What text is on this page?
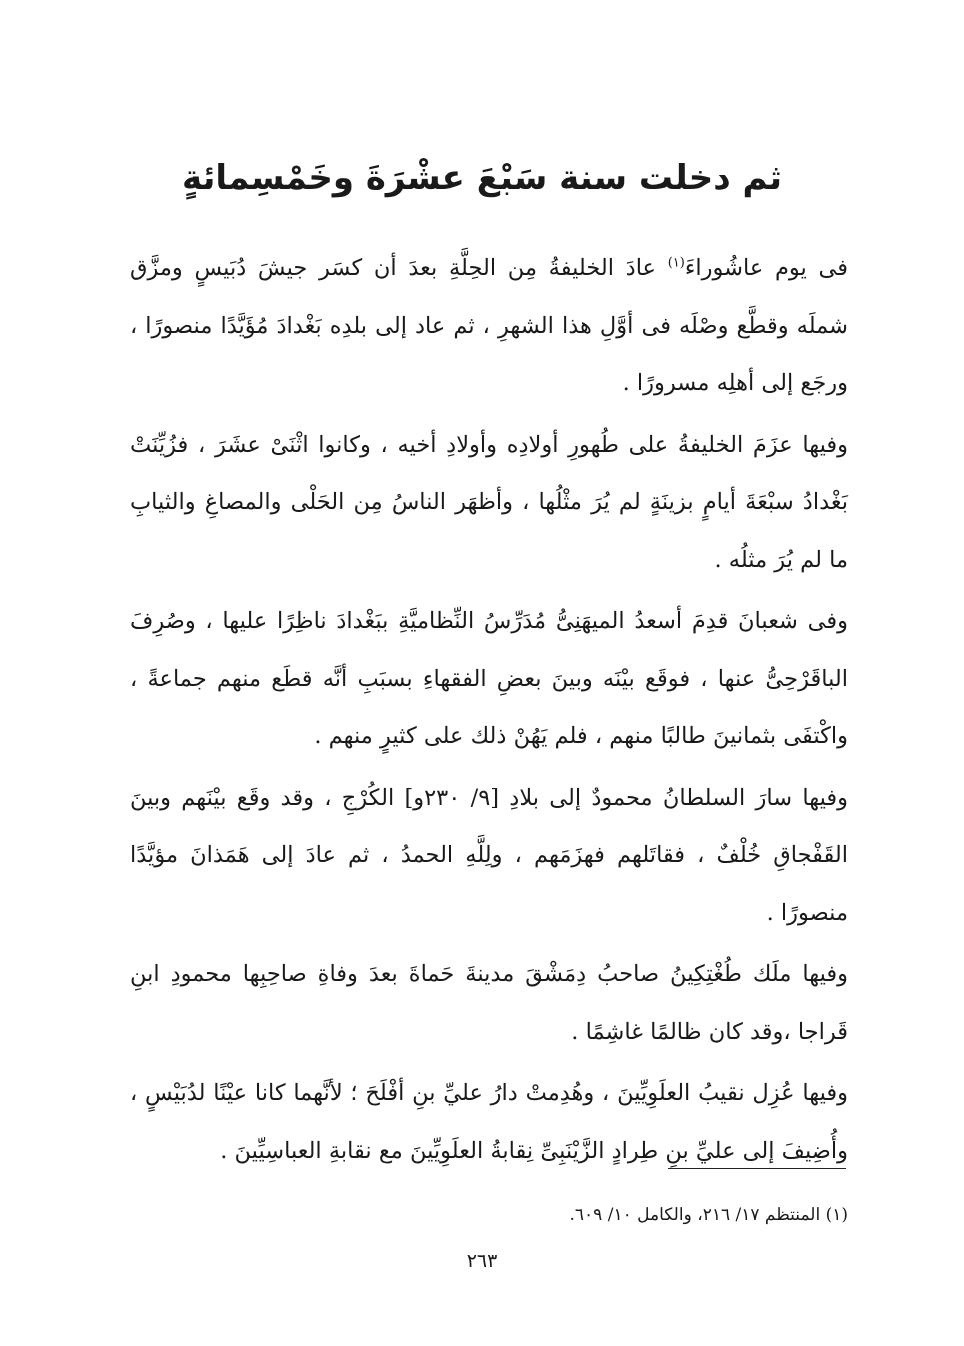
ثم دخلت سنة سَبْعَ عشْرَةَ وخَمْسِمائةٍ

فى يوم عاشُوراءَ$^{(١)}$ عادَ الخليفةُ مِن الحِلَّةِ بعدَ أن كسَر جيشَ دُبَيسٍ ومزَّق شملَه وقطَّع وصْلَه فى أوَّلِ هذا الشهرِ ، ثم عاد إلى بلدِه بَغْدادَ مُؤَيَّدًا منصورًا ، ورجَع إلى أهلِه مسرورًا .

وفيها عزَمَ الخليفةُ على طُهورِ أولادِه وأولادِ أخيه ، وكانوا اثْنَىْ عشَرَ ، فزُيِّنَتْ بَغْدادُ سبْعَةَ أيامٍ بزينَةٍ لم يُرَ مثْلُها ، وأظهَر الناسُ مِن الحَلْى والمصاغِ والثيابِ ما لم يُرَ مثلُه .

وفى شعبانَ قدِمَ أسعدُ الميهَنِىُّ مُدَرِّسُ النِّظاميَّةِ ببَغْدادَ ناظِرًا عليها ، وصُرِفَ الباقَرْحِىُّ عنها ، فوقَع بيْنَه وبينَ بعضِ الفقهاءِ بسبَبِ أنَّه قطَع منهم جماعةً ، واكْتفَى بثمانينَ طالبًا منهم ، فلم يَهُنْ ذلك على كثيرٍ منهم .

وفيها سارَ السلطانُ محمودٌ إلى بلادِ [٩/ ٢٣٠و] الكُرْجِ ، وقد وقَع بيْنَهم وبينَ القَفْجاقِ خُلْفٌ ، فقاتَلهم فهزَمَهم ، ولِلَّهِ الحمدُ ، ثم عادَ إلى هَمَذانَ مؤيَّدًا منصورًا .

وفيها ملَك طُغْتِكِينُ صاحبُ دِمَشْقَ مدينةَ حَماةَ بعدَ وفاةِ صاحِبِها محمودِ ابنِ قَراجا ،وقد كان ظالمًا غاشِمًا .

وفيها عُزِل نقيبُ العلَوِيِّينَ ، وهُدِمتْ دارُ عليِّ بنِ أفْلَحَ ؛ لأنَّهما كانا عيْنًا لدُبَيْسٍ ، وأُضِيفَ إلى عليِّ بنِ طِرادٍ الزَّيْنَبِىِّ نِقابةُ العلَوِيِّينَ مع نقابةِ العباسِيِّينَ .

(١) المنتظم ١٧/ ٢١٦، والكامل ١٠/ ٦٠٩.

٢٦٣
